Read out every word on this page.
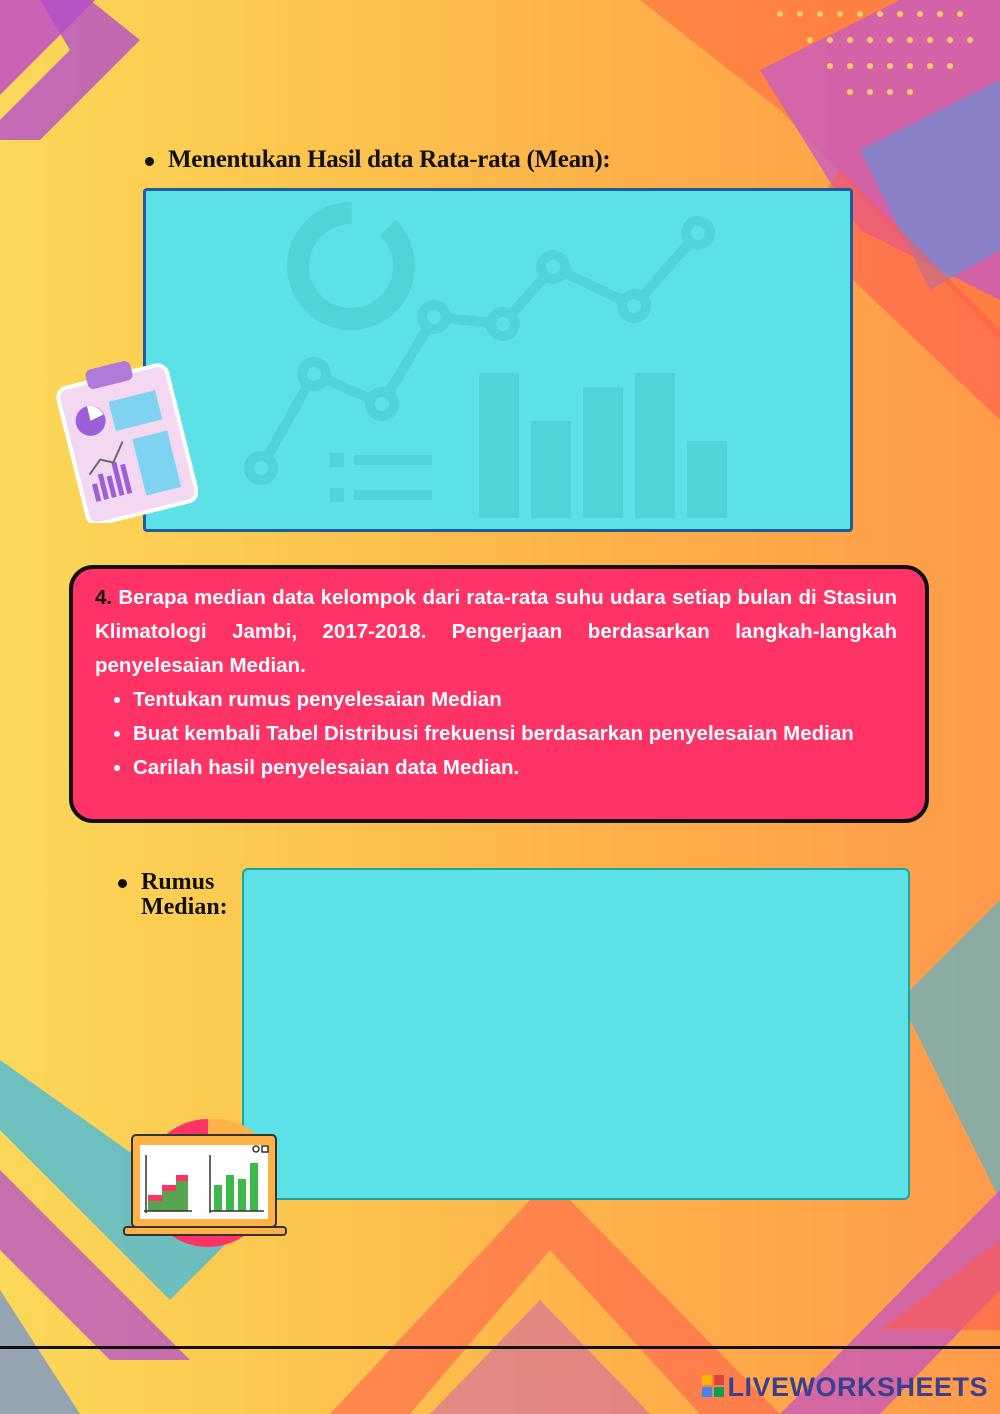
Menentukan Hasil data Rata-rata (Mean):
4. Berapa median data kelompok dari rata-rata suhu udara setiap bulan di Stasiun Klimatologi Jambi, 2017-2018. Pengerjaan berdasarkan langkah-langkah penyelesaian Median.
• Tentukan rumus penyelesaian Median
• Buat kembali Tabel Distribusi frekuensi berdasarkan penyelesaian Median
• Carilah hasil penyelesaian data Median.
Rumus
Median:
LIVEWORKSHEETS
